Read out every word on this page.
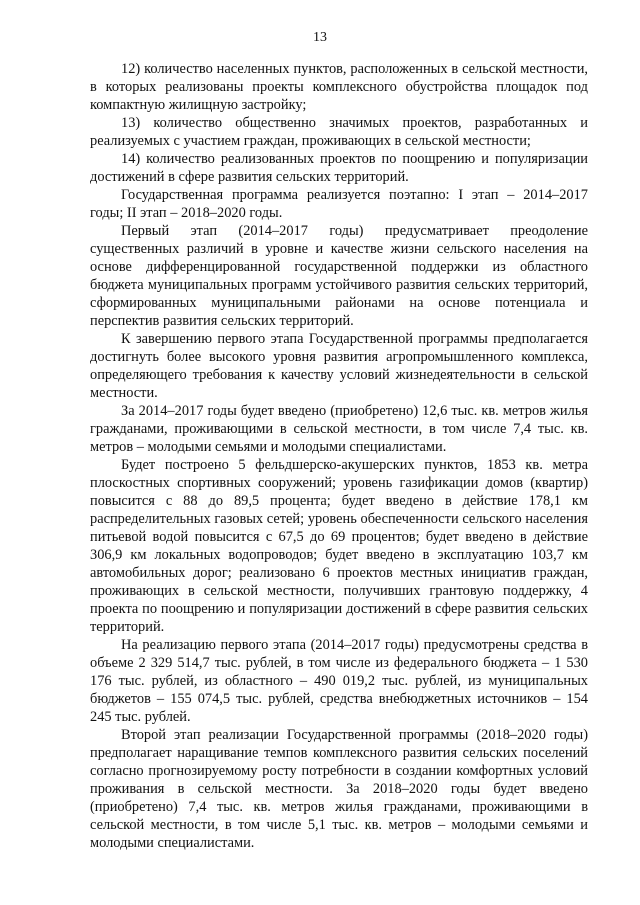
13

12) количество населенных пунктов, расположенных в сельской местности, в которых реализованы проекты комплексного обустройства площадок под компактную жилищную застройку;

13) количество общественно значимых проектов, разработанных и реализуемых с участием граждан, проживающих в сельской местности;

14) количество реализованных проектов по поощрению и популяризации достижений в сфере развития сельских территорий.

Государственная программа реализуется поэтапно: I этап – 2014–2017 годы; II этап – 2018–2020 годы.

Первый этап (2014–2017 годы) предусматривает преодоление существенных различий в уровне и качестве жизни сельского населения на основе дифференцированной государственной поддержки из областного бюджета муниципальных программ устойчивого развития сельских территорий, сформированных муниципальными районами на основе потенциала и перспектив развития сельских территорий.

К завершению первого этапа Государственной программы предполагается достигнуть более высокого уровня развития агропромышленного комплекса, определяющего требования к качеству условий жизнедеятельности в сельской местности.

За 2014–2017 годы будет введено (приобретено) 12,6 тыс. кв. метров жилья гражданами, проживающими в сельской местности, в том числе 7,4 тыс. кв. метров – молодыми семьями и молодыми специалистами.

Будет построено 5 фельдшерско-акушерских пунктов, 1853 кв. метра плоскостных спортивных сооружений; уровень газификации домов (квартир) повысится с 88 до 89,5 процента; будет введено в действие 178,1 км распределительных газовых сетей; уровень обеспеченности сельского населения питьевой водой повысится с 67,5 до 69 процентов; будет введено в действие 306,9 км локальных водопроводов; будет введено в эксплуатацию 103,7 км автомобильных дорог; реализовано 6 проектов местных инициатив граждан, проживающих в сельской местности, получивших грантовую поддержку, 4 проекта по поощрению и популяризации достижений в сфере развития сельских территорий.

На реализацию первого этапа (2014–2017 годы) предусмотрены средства в объеме 2 329 514,7 тыс. рублей, в том числе из федерального бюджета – 1 530 176 тыс. рублей, из областного – 490 019,2 тыс. рублей, из муниципальных бюджетов – 155 074,5 тыс. рублей, средства внебюджетных источников – 154 245 тыс. рублей.

Второй этап реализации Государственной программы (2018–2020 годы) предполагает наращивание темпов комплексного развития сельских поселений согласно прогнозируемому росту потребности в создании комфортных условий проживания в сельской местности. За 2018–2020 годы будет введено (приобретено) 7,4 тыс. кв. метров жилья гражданами, проживающими в сельской местности, в том числе 5,1 тыс. кв. метров – молодыми семьями и молодыми специалистами.
